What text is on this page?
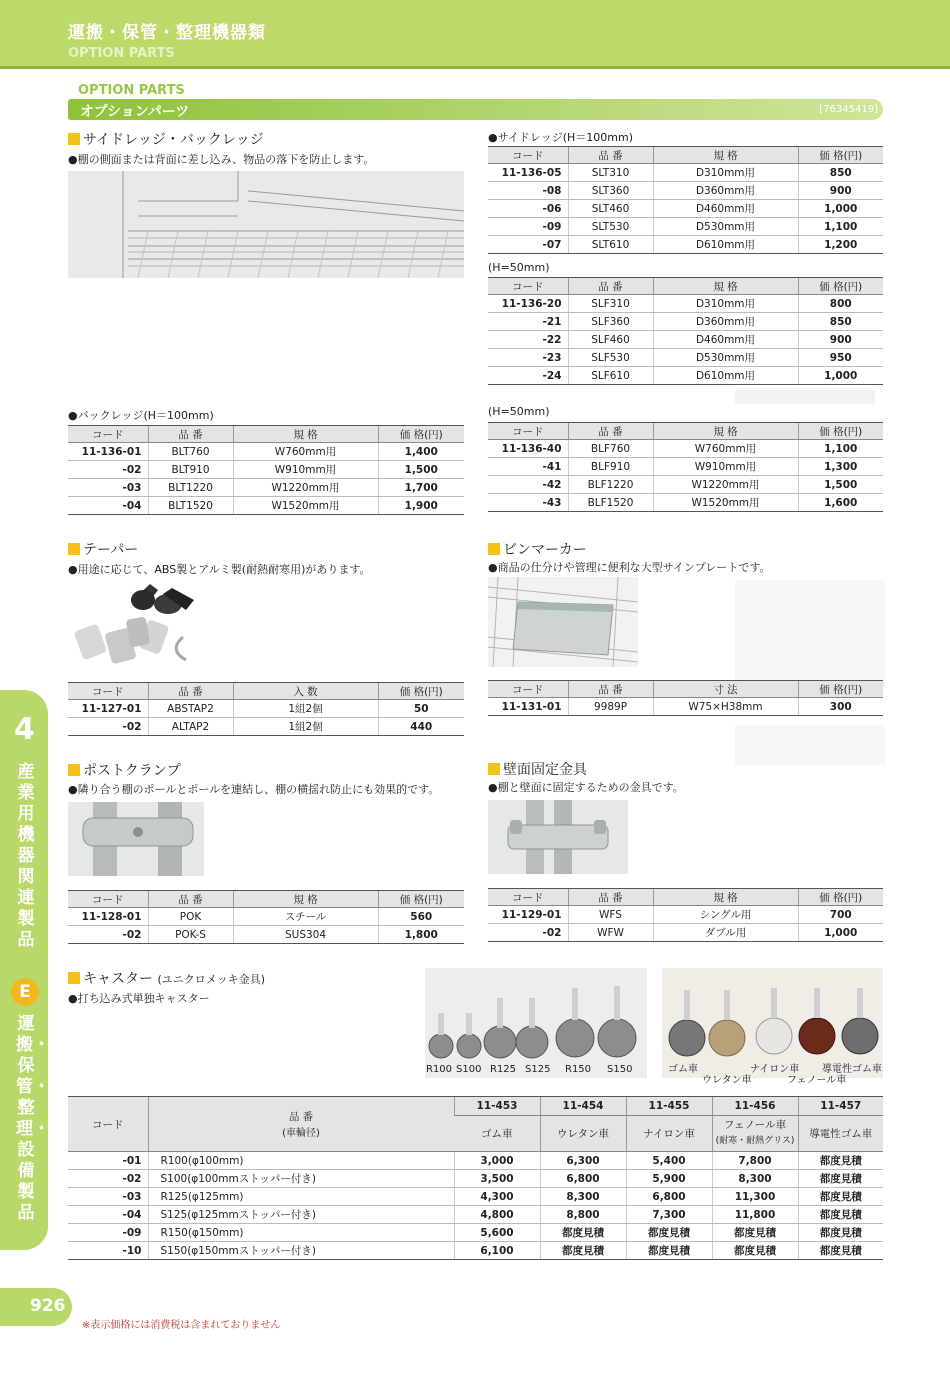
運搬・保管・整理機器類
OPTION PARTS
OPTION PARTS
オプションパーツ	[76345419]
4
産業用機器関連製品
E
運搬・保管・整理・設備製品
サイドレッジ・バックレッジ
●棚の側面または背面に差し込み、物品の落下を防止します。
●サイドレッジ(H＝100mm)
コード	品 番	規 格	価 格(円)
11-136-05	SLT310	D310mm用	850
-08	SLT360	D360mm用	900
-06	SLT460	D460mm用	1,000
-09	SLT530	D530mm用	1,100
-07	SLT610	D610mm用	1,200
(H=50mm)
コード	品 番	規 格	価 格(円)
11-136-20	SLF310	D310mm用	800
-21	SLF360	D360mm用	850
-22	SLF460	D460mm用	900
-23	SLF530	D530mm用	950
-24	SLF610	D610mm用	1,000
●バックレッジ(H＝100mm)
コード	品 番	規 格	価 格(円)
11-136-01	BLT760	W760mm用	1,400
-02	BLT910	W910mm用	1,500
-03	BLT1220	W1220mm用	1,700
-04	BLT1520	W1520mm用	1,900
(H=50mm)
コード	品 番	規 格	価 格(円)
11-136-40	BLF760	W760mm用	1,100
-41	BLF910	W910mm用	1,300
-42	BLF1220	W1220mm用	1,500
-43	BLF1520	W1520mm用	1,600
テーパー
●用途に応じて、ABS製とアルミ製(耐熱耐寒用)があります。
コード	品 番	入 数	価 格(円)
11-127-01	ABSTAP2	1組2個	50
-02	ALTAP2	1組2個	440
ビンマーカー
●商品の仕分けや管理に便利な大型サインプレートです。
コード	品 番	寸 法	価 格(円)
11-131-01	9989P	W75×H38mm	300
ポストクランプ
●隣り合う棚のポールとポールを連結し、棚の横揺れ防止にも効果的です。
コード	品 番	規 格	価 格(円)
11-128-01	POK	スチール	560
-02	POK-S	SUS304	1,800
壁面固定金具
●棚と壁面に固定するための金具です。
コード	品 番	規 格	価 格(円)
11-129-01	WFS	シングル用	700
-02	WFW	ダブル用	1,000
キャスター (ユニクロメッキ金具)
●打ち込み式単独キャスター
R100 S100 R125 S125 R150 S150	ゴム車
ウレタン車
ナイロン車
フェノール車
導電性ゴム車
コード	品 番
(車輪径)	11-453	11-454	11-455	11-456	11-457
		ゴム車	ウレタン車	ナイロン車	フェノール車
(耐寒・耐熱グリス)	導電性ゴム車
-01	R100(φ100mm)	3,000	6,300	5,400	7,800	都度見積
-02	S100(φ100mmストッパー付き)	3,500	6,800	5,900	8,300	都度見積
-03	R125(φ125mm)	4,300	8,300	6,800	11,300	都度見積
-04	S125(φ125mmストッパー付き)	4,800	8,800	7,300	11,800	都度見積
-09	R150(φ150mm)	5,600	都度見積	都度見積	都度見積	都度見積
-10	S150(φ150mmストッパー付き)	6,100	都度見積	都度見積	都度見積	都度見積
926
※表示価格には消費税は含まれておりません
